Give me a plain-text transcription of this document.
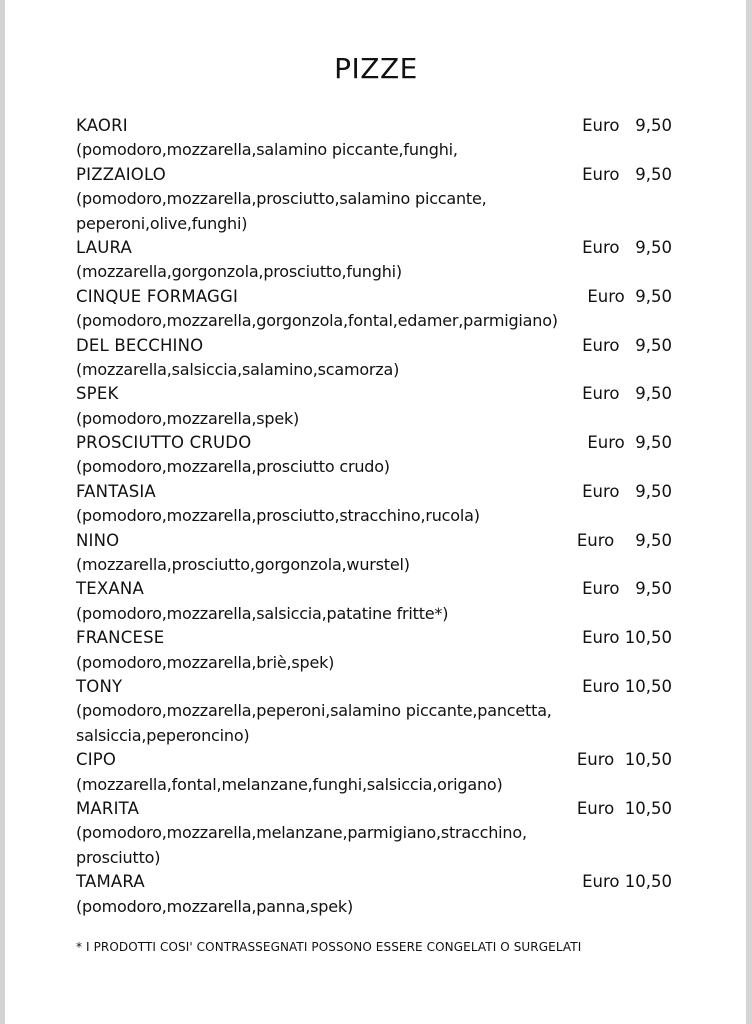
PIZZE
KAORI	Euro   9,50
(pomodoro,mozzarella,salamino piccante,funghi,
PIZZAIOLO	Euro   9,50
(pomodoro,mozzarella,prosciutto,salamino piccante,
peperoni,olive,funghi)
LAURA	Euro   9,50
(mozzarella,gorgonzola,prosciutto,funghi)
CINQUE FORMAGGI	Euro  9,50
(pomodoro,mozzarella,gorgonzola,fontal,edamer,parmigiano)
DEL BECCHINO	Euro   9,50
(mozzarella,salsiccia,salamino,scamorza)
SPEK	Euro   9,50
(pomodoro,mozzarella,spek)
PROSCIUTTO CRUDO	Euro  9,50
(pomodoro,mozzarella,prosciutto crudo)
FANTASIA	Euro   9,50
(pomodoro,mozzarella,prosciutto,stracchino,rucola)
NINO	Euro    9,50
(mozzarella,prosciutto,gorgonzola,wurstel)
TEXANA	Euro   9,50
(pomodoro,mozzarella,salsiccia,patatine fritte*)
FRANCESE	Euro 10,50
(pomodoro,mozzarella,briè,spek)
TONY	Euro 10,50
(pomodoro,mozzarella,peperoni,salamino piccante,pancetta,
salsiccia,peperoncino)
CIPO	Euro  10,50
(mozzarella,fontal,melanzane,funghi,salsiccia,origano)
MARITA	Euro  10,50
(pomodoro,mozzarella,melanzane,parmigiano,stracchino,
prosciutto)
TAMARA	Euro 10,50
(pomodoro,mozzarella,panna,spek)
* I PRODOTTI COSI' CONTRASSEGNATI POSSONO ESSERE CONGELATI O SURGELATI
